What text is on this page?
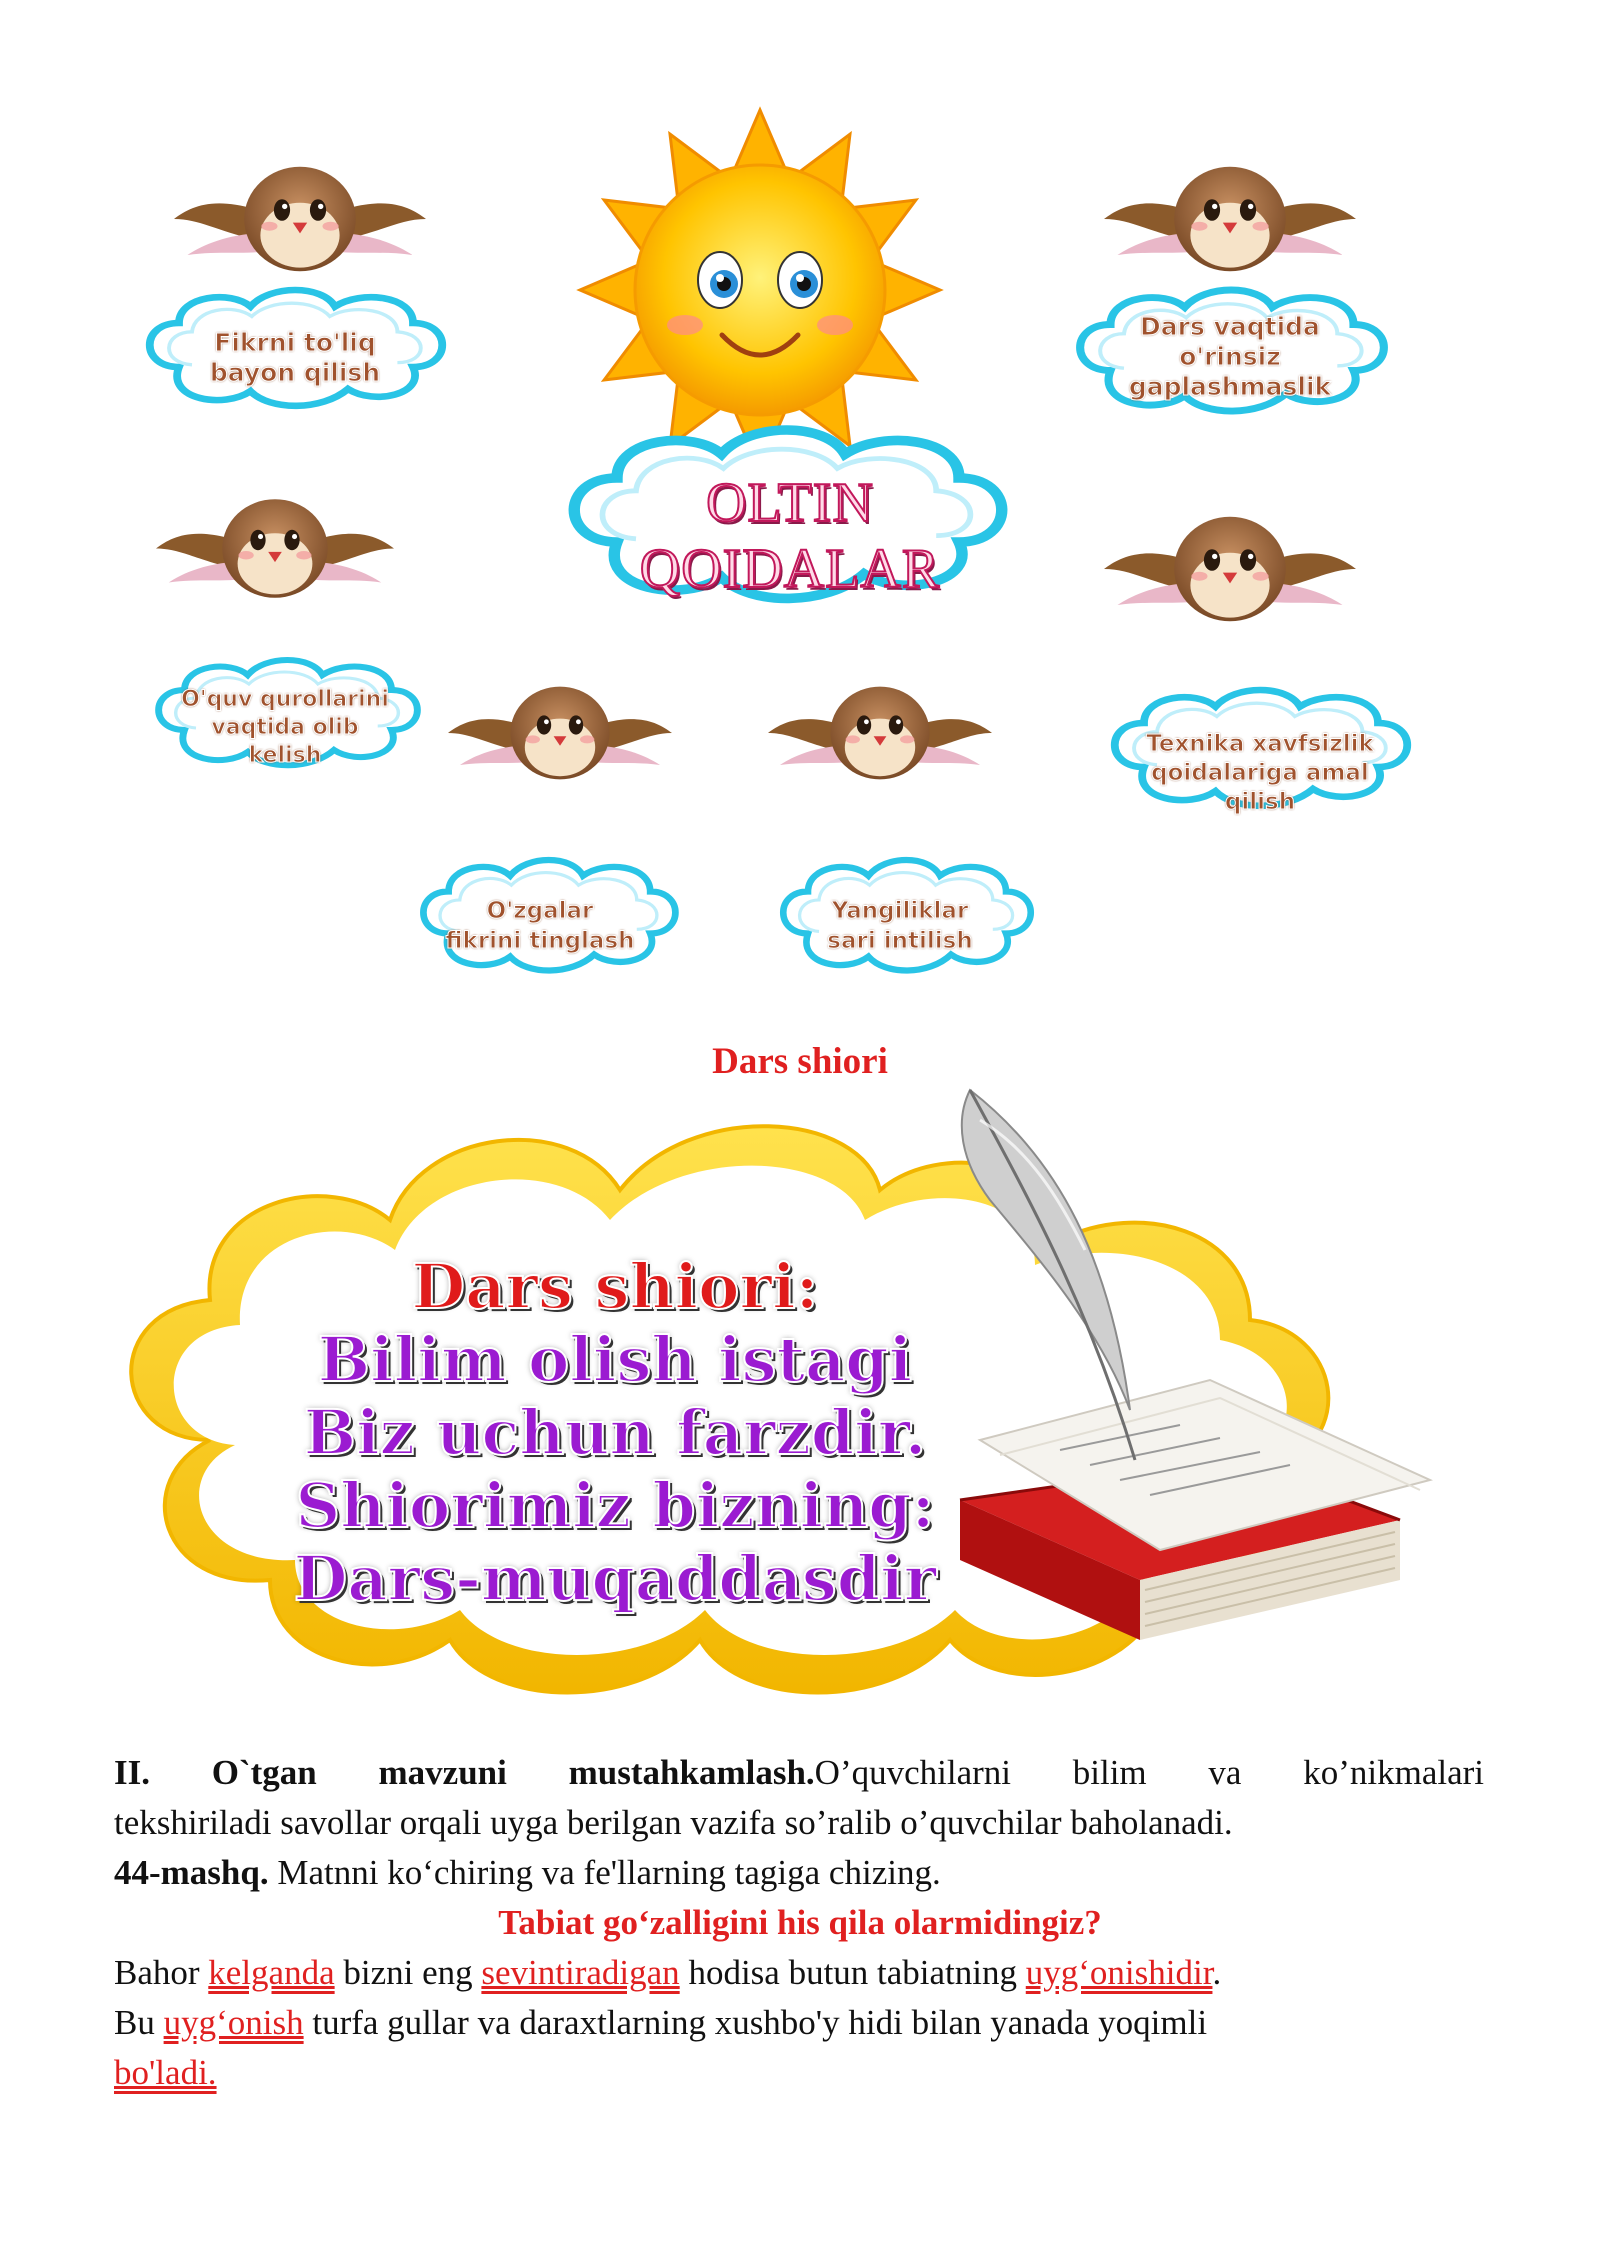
OLTIN
QOIDALAR
Fikrni to'liq
bayon qilish
Dars vaqtida
o'rinsiz
gaplashmaslik
O'quv qurollarini
vaqtida olib
kelish	Texnika xavfsizlik
qoidalariga amal
qilish
O'zgalar
fikrini tinglash
Yangiliklar
sari intilish
Dars shiori
Dars shiori:
Bilim olish istagi
Biz uchun farzdir.
Shiorimiz bizning:
Dars-muqaddasdir
II. O`tgan mavzuni mustahkamlash.O’quvchilarni bilim va ko’nikmalari
tekshiriladi savollar orqali uyga berilgan vazifa so’ralib o’quvchilar baholanadi.
44-mashq. Matnni ko‘chiring va fe'llarning tagiga chizing.
Tabiat go‘zalligini his qila olarmidingiz?
Bahor kelganda bizni eng sevintiradigan hodisa butun tabiatning uyg‘onishidir.
Bu uyg‘onish turfa gullar va daraxtlarning xushbo'y hidi bilan yanada yoqimli
bo'ladi.
